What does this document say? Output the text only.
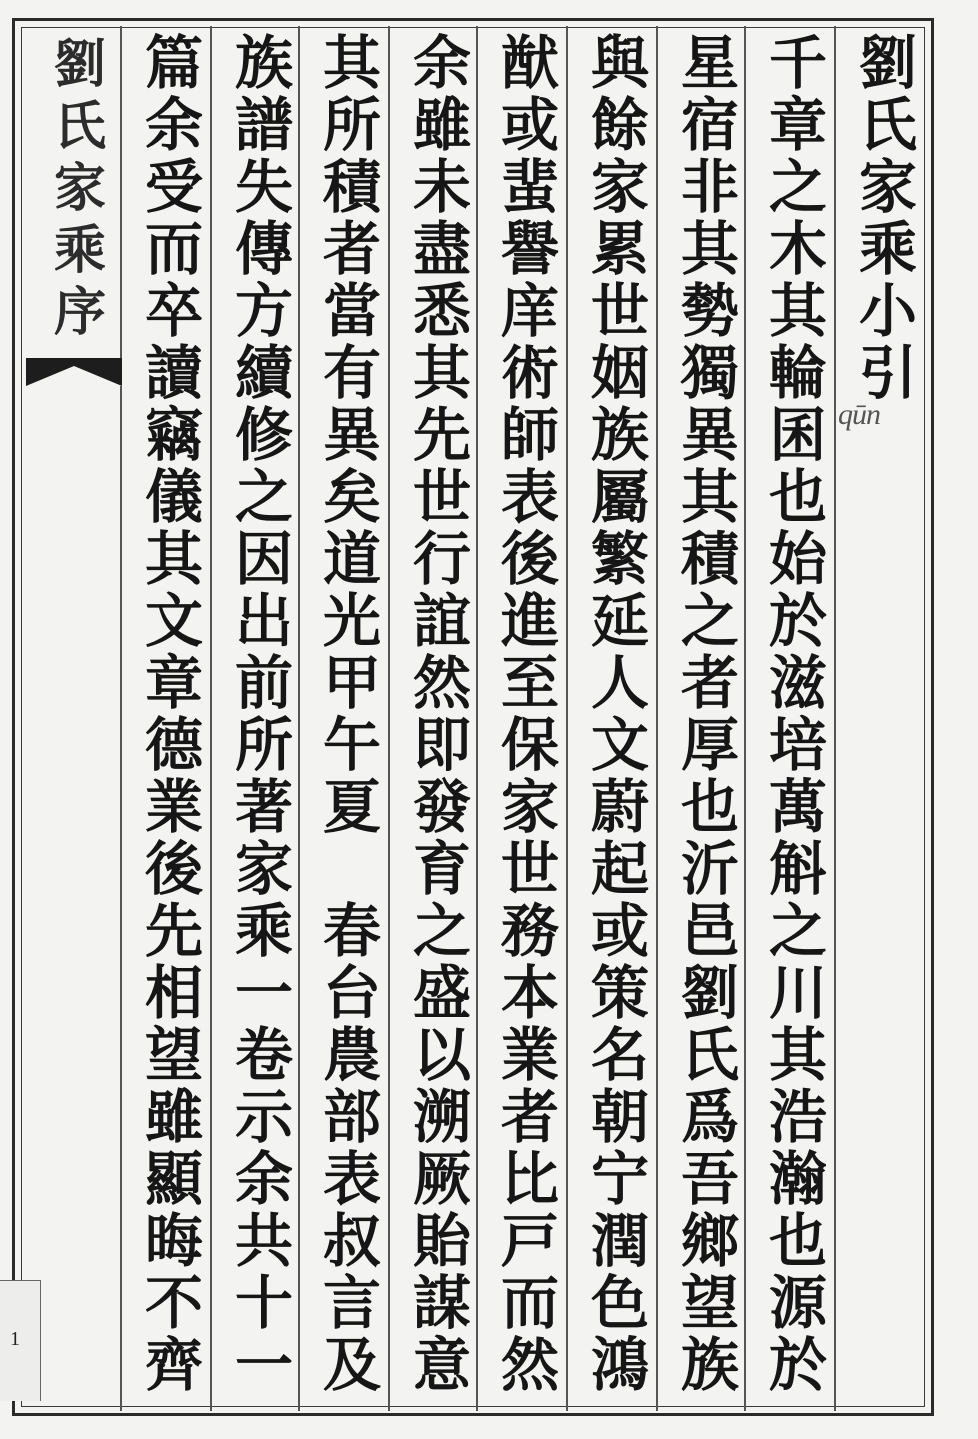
劉
氏
家
乘
序
1
劉
氏
家
乘
小
引
千
章
之
木
其
輪
囷
也
始
於
滋
培
萬
斛
之
川
其
浩
瀚
也
源
於
星
宿
非
其
勢
獨
異
其
積
之
者
厚
也
沂
邑
劉
氏
爲
吾
鄉
望
族
與
餘
家
累
世
姻
族
屬
繁
延
人
文
蔚
起
或
策
名
朝
宁
潤
色
鴻
猷
或
蜚
譽
庠
術
師
表
後
進
至
保
家
世
務
本
業
者
比
戸
而
然
余
雖
未
盡
悉
其
先
世
行
誼
然
即
發
育
之
盛
以
溯
厥
貽
謀
意
其
所
積
者
當
有
異
矣
道
光
甲
午
夏

春
台
農
部
表
叔
言
及
族
譜
失
傳
方
續
修
之
因
出
前
所
著
家
乘
一
卷
示
余
共
十
一
篇
余
受
而
卒
讀
竊
儀
其
文
章
德
業
後
先
相
望
雖
顯
晦
不
齊
qūn
